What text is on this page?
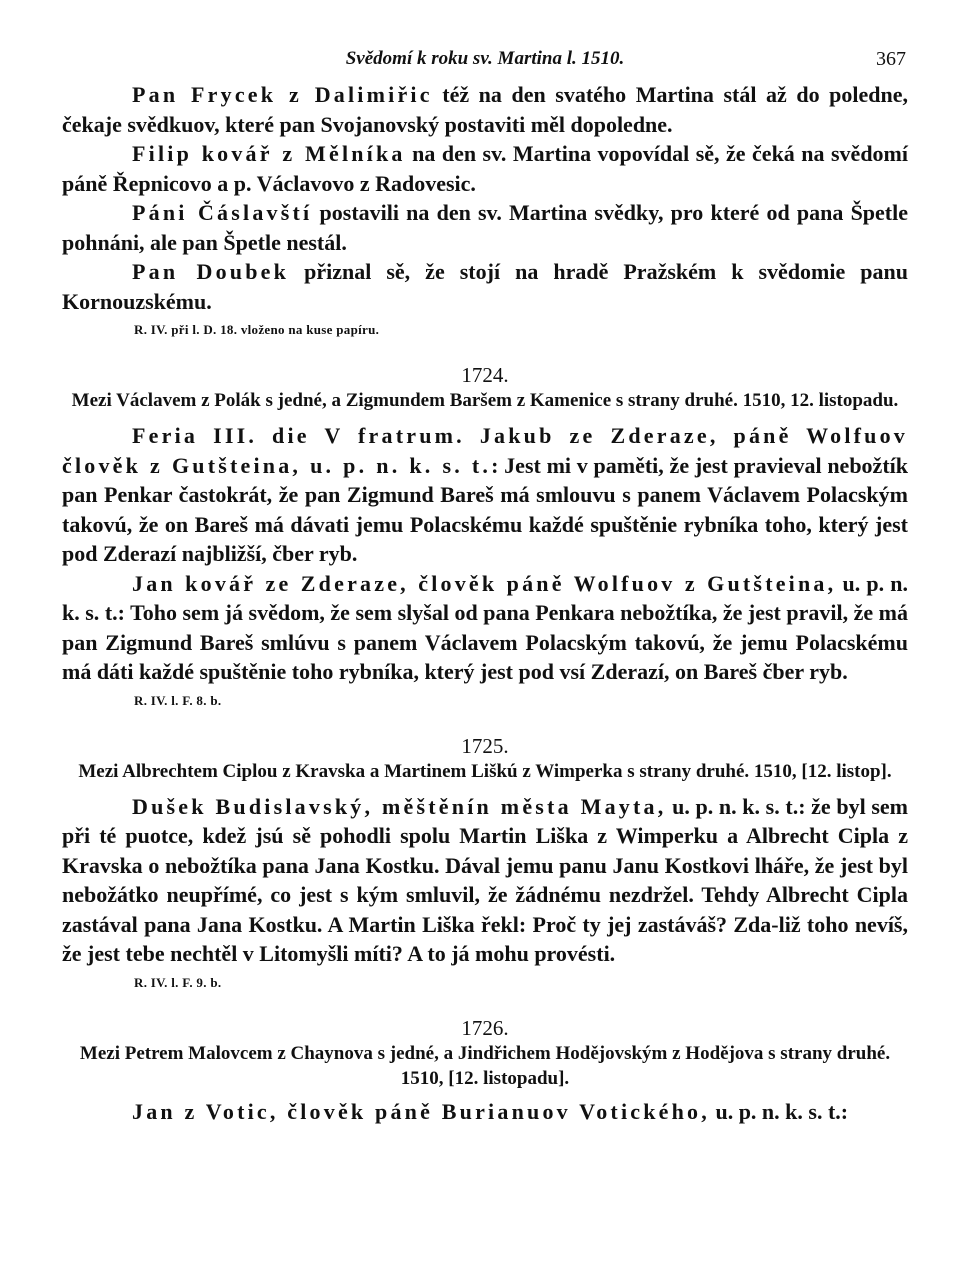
Svědomí k roku sv. Martina l. 1510.	367

Pan Frycek z Dalimiřic též na den svatého Martina stál až do poledne, čekaje svědkuov, které pan Svojanovský postaviti měl dopoledne.

Filip kovář z Mělníka na den sv. Martina vopovídal sě, že čeká na svědomí páně Řepnicovo a p. Václavovo z Radovesic.

Páni Čáslavští postavili na den sv. Martina svědky, pro které od pana Špetle pohnáni, ale pan Špetle nestál.

Pan Doubek přiznal sě, že stojí na hradě Pražském k svědomie panu Kornouzskému.

R. IV. při l. D. 18. vloženo na kuse papíru.
1724.
Mezi Václavem z Polák s jedné, a Zigmundem Baršem z Kamenice s strany druhé. 1510, 12. listopadu.

Feria III. die V fratrum. Jakub ze Zderaze, páně Wolfuov člověk z Gutšteina, u. p. n. k. s. t.: Jest mi v paměti, že jest pravieval nebožtík pan Penkar častokrát, že pan Zigmund Bareš má smlouvu s panem Václavem Polacským takovú, že on Bareš má dávati jemu Polacskému každé spuštěnie rybníka toho, který jest pod Zderazí najbližší, čber ryb.

Jan kovář ze Zderaze, člověk páně Wolfuov z Gutšteina, u. p. n. k. s. t.: Toho sem já svědom, že sem slyšal od pana Penkara nebožtíka, že jest pravil, že má pan Zigmund Bareš smlúvu s panem Václavem Polacským takovú, že jemu Polacskému má dáti každé spuštěnie toho rybníka, který jest pod vsí Zderazí, on Bareš čber ryb.

R. IV. l. F. 8. b.
1725.
Mezi Albrechtem Ciplou z Kravska a Martinem Liškú z Wimperka s strany druhé. 1510, [12. listop].

Dušek Budislavský, měštěnín města Mayta, u. p. n. k. s. t.: že byl sem při té puotce, kdež jsú sě pohodli spolu Martin Liška z Wimperku a Albrecht Cipla z Kravska o nebožtíka pana Jana Kostku. Dával jemu panu Janu Kostkovi lháře, že jest byl nebožátko neupřímé, co jest s kým smluvil, že žádnému nezdržel. Tehdy Albrecht Cipla zastával pana Jana Kostku. A Martin Liška řekl: Proč ty jej zastáváš? Zda-liž toho nevíš, že jest tebe nechtěl v Litomyšli míti? A to já mohu provésti.

R. IV. l. F. 9. b.
1726.
Mezi Petrem Malovcem z Chaynova s jedné, a Jindřichem Hodějovským z Hodějova s strany druhé. 1510, [12. listopadu].

Jan z Votic, člověk páně Burianuov Votického, u. p. n. k. s. t.:
